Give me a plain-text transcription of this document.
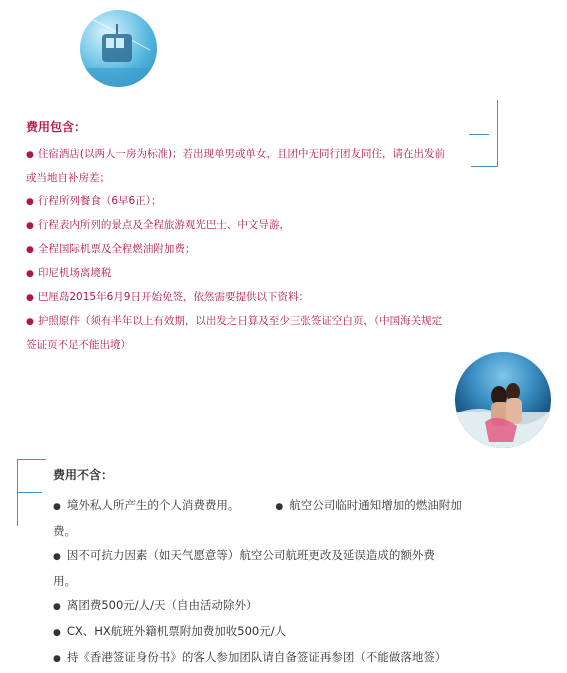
费用包含：
● 住宿酒店(以两人一房为标准)；若出现单男或单女，且团中无同行团友同住，请在出发前
或当地自补房差；
● 行程所列餐食（6早6正）；
● 行程表内所列的景点及全程旅游观光巴士、中文导游，
● 全程国际机票及全程燃油附加费；
● 印尼机场离境税
● 巴厘岛2015年6月9日开始免签，依然需要提供以下资料：
● 护照原件（须有半年以上有效期，以出发之日算及至少三张签证空白页，（中国海关规定
签证页不足不能出境）
费用不含：
● 境外私人所产生的个人消费费用。	● 航空公司临时通知增加的燃油附加
费。
● 因不可抗力因素（如天气愿意等）航空公司航班更改及延误造成的额外费
用。
● 离团费500元/人/天（自由活动除外）
● CX、HX航班外籍机票附加费加收500元/人
● 持《香港签证身份书》的客人参加团队请自备签证再参团（不能做落地签）
